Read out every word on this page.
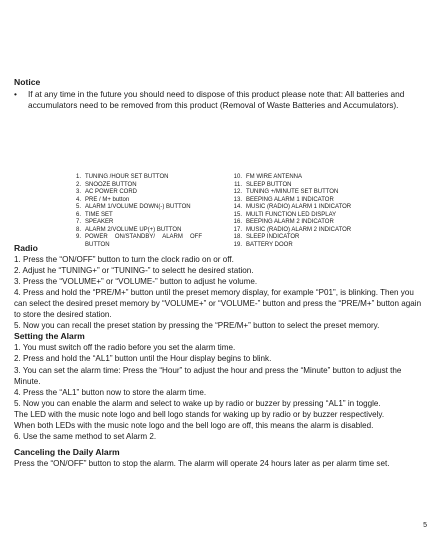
Notice
• If at any time in the future you should need to dispose of this product please note that: All batteries and accumulators need to be removed from this product (Removal of Waste Batteries and Accumulators).
1. TUNING /HOUR SET BUTTON
2. SNOOZE BUTTON
3. AC POWER CORD
4. PRE / M+ button
5. ALARM 1/VOLUME DOWN(-) BUTTON
6. TIME SET
7. SPEAKER
8. ALARM 2/VOLUME UP(+) BUTTON
9. POWER ON/STANDBY/ ALARM OFF
BUTTON
10. FM WIRE ANTENNA
11. SLEEP BUTTON
12. TUNING +/MINUTE SET BUTTON
13. BEEPING ALARM 1 INDICATOR
14. MUSIC (RADIO) ALARM 1 INDICATOR
15. MULTI FUNCTION LED DISPLAY
16. BEEPING ALARM 2 INDICATOR
17. MUSIC (RADIO) ALARM 2 INDICATOR
18. SLEEP INDICATOR
19. BATTERY DOOR
Radio

1. Press the “ON/OFF” button to turn the clock radio on or off.

2. Adjust he “TUNING+” or “TUNING-” to selectt he desired station.

3. Press the “VOLUME+” or “VOLUME-” button to adjust he volume.

4. Press and hold the “PRE/M+” button until the preset memory display, for example “P01”, is blinking. Then you can select the desired preset memory by “VOLUME+” or “VOLUME-” button and press the “PRE/M+” button again to store the desired station.

5. Now you can recall the preset station by pressing the “PRE/M+” button to select the preset memory.

Setting the Alarm

1. You must switch off the radio before you set the alarm time.

2. Press and hold the “AL1” button until the Hour display begins to blink.

3. You can set the alarm time: Press the “Hour” to adjust the hour and press the “Minute” button to adjust the Minute.

4. Press the “AL1” button now to store the alarm time.

5. Now you can enable the alarm and select to wake up by radio or buzzer by pressing “AL1” in toggle.

The LED with the music note logo and bell logo stands for waking up by radio or by buzzer respectively.

When both LEDs with the music note logo and the bell logo are off, this means the alarm is disabled.

6. Use the same method to set Alarm 2.

Canceling the Daily Alarm

Press the “ON/OFF” button to stop the alarm. The alarm will operate 24 hours later as per alarm time set.

5
